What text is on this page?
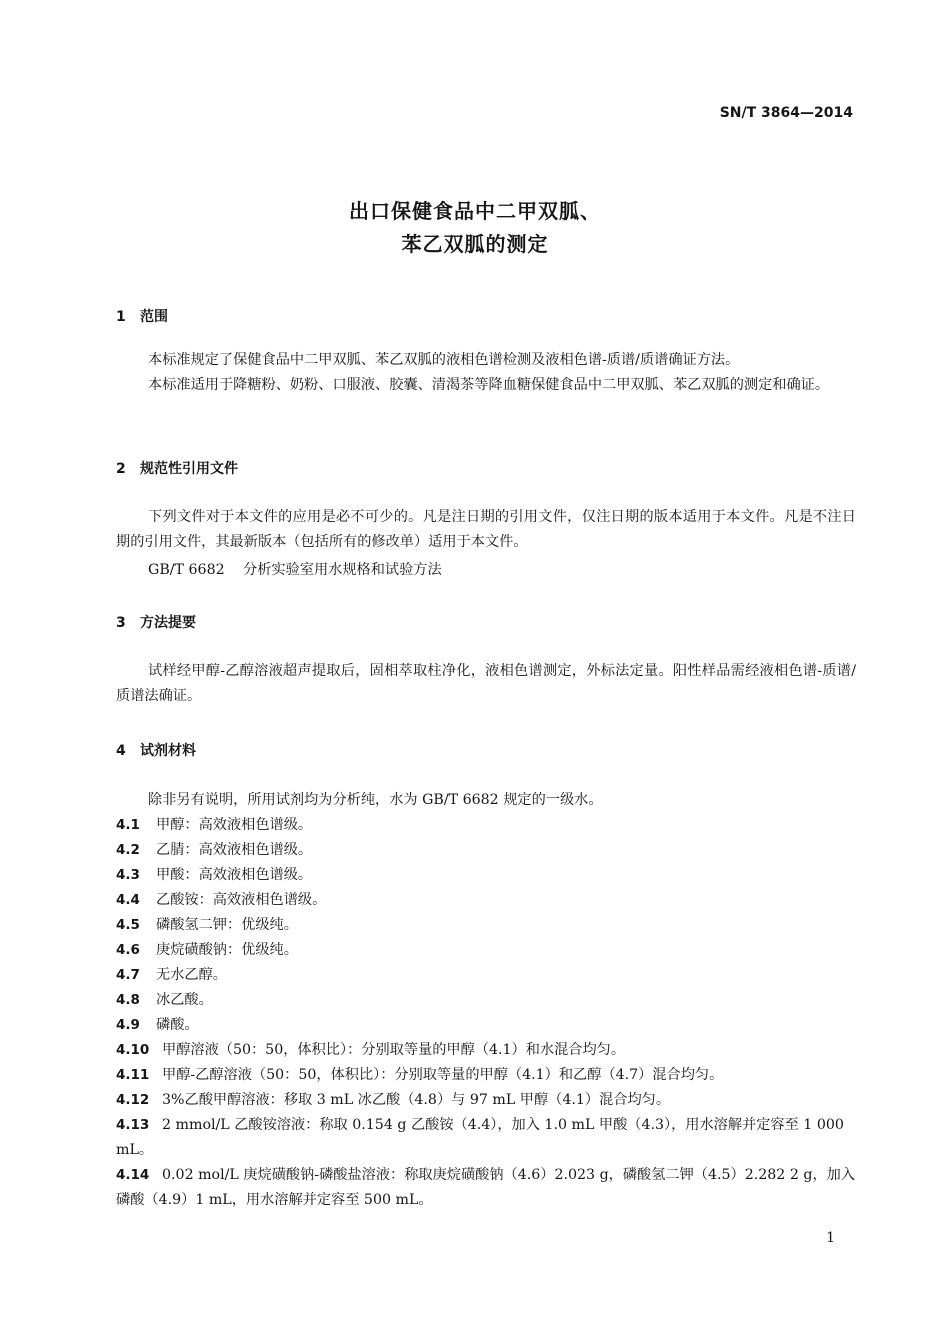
SN/T 3864—2014
出口保健食品中二甲双胍、
苯乙双胍的测定
1 范围

本标准规定了保健食品中二甲双胍、苯乙双胍的液相色谱检测及液相色谱-质谱/质谱确证方法。

本标准适用于降糖粉、奶粉、口服液、胶囊、清渴茶等降血糖保健食品中二甲双胍、苯乙双胍的测定和确证。

2 规范性引用文件

下列文件对于本文件的应用是必不可少的。凡是注日期的引用文件，仅注日期的版本适用于本文件。凡是不注日期的引用文件，其最新版本（包括所有的修改单）适用于本文件。

GB/T 6682 分析实验室用水规格和试验方法
3 方法提要

试样经甲醇-乙醇溶液超声提取后，固相萃取柱净化，液相色谱测定，外标法定量。阳性样品需经液相色谱-质谱/质谱法确证。

4 试剂材料

除非另有说明，所用试剂均为分析纯，水为 GB/T 6682 规定的一级水。

4.1 甲醇：高效液相色谱级。
4.2 乙腈：高效液相色谱级。
4.3 甲酸：高效液相色谱级。
4.4 乙酸铵：高效液相色谱级。
4.5 磷酸氢二钾：优级纯。
4.6 庚烷磺酸钠：优级纯。
4.7 无水乙醇。
4.8 冰乙酸。
4.9 磷酸。
4.10 甲醇溶液（50：50，体积比）：分别取等量的甲醇（4.1）和水混合均匀。
4.11 甲醇-乙醇溶液（50：50，体积比）：分别取等量的甲醇（4.1）和乙醇（4.7）混合均匀。
4.12 3%乙酸甲醇溶液：移取 3 mL 冰乙酸（4.8）与 97 mL 甲醇（4.1）混合均匀。
4.13 2 mmol/L 乙酸铵溶液：称取 0.154 g 乙酸铵（4.4），加入 1.0 mL 甲酸（4.3），用水溶解并定容至 1 000 mL。
4.14 0.02 mol/L 庚烷磺酸钠-磷酸盐溶液：称取庚烷磺酸钠（4.6）2.023 g，磷酸氢二钾（4.5）2.282 2 g，加入磷酸（4.9）1 mL，用水溶解并定容至 500 mL。
1
